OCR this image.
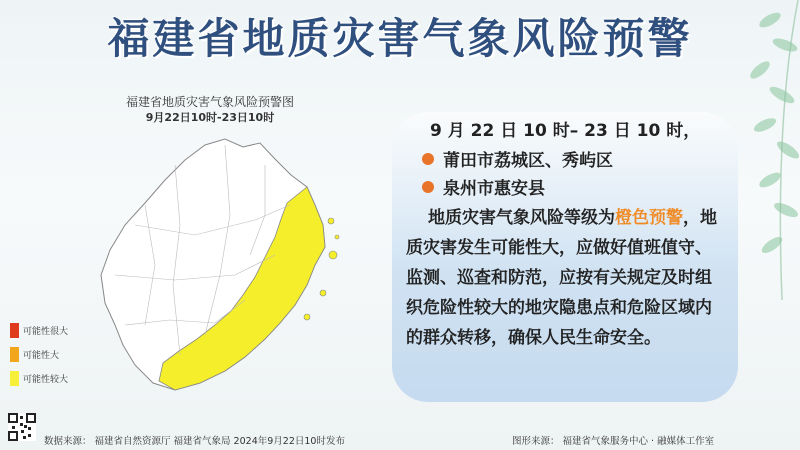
福建省地质灾害气象风险预警
福建省地质灾害气象风险预警图
9月22日10时-23日10时
可能性很大
可能性大
可能性较大
9 月 22 日 10 时– 23 日 10 时，
莆田市荔城区、秀屿区
泉州市惠安县
地质灾害气象风险等级为橙色预警，地质灾害发生可能性大，应做好值班值守、监测、巡查和防范，应按有关规定及时组织危险性较大的地灾隐患点和危险区域内的群众转移，确保人民生命安全。
数据来源： 福建省自然资源厅 福建省气象局 2024年9月22日10时发布	图形来源： 福建省气象服务中心 · 融媒体工作室
